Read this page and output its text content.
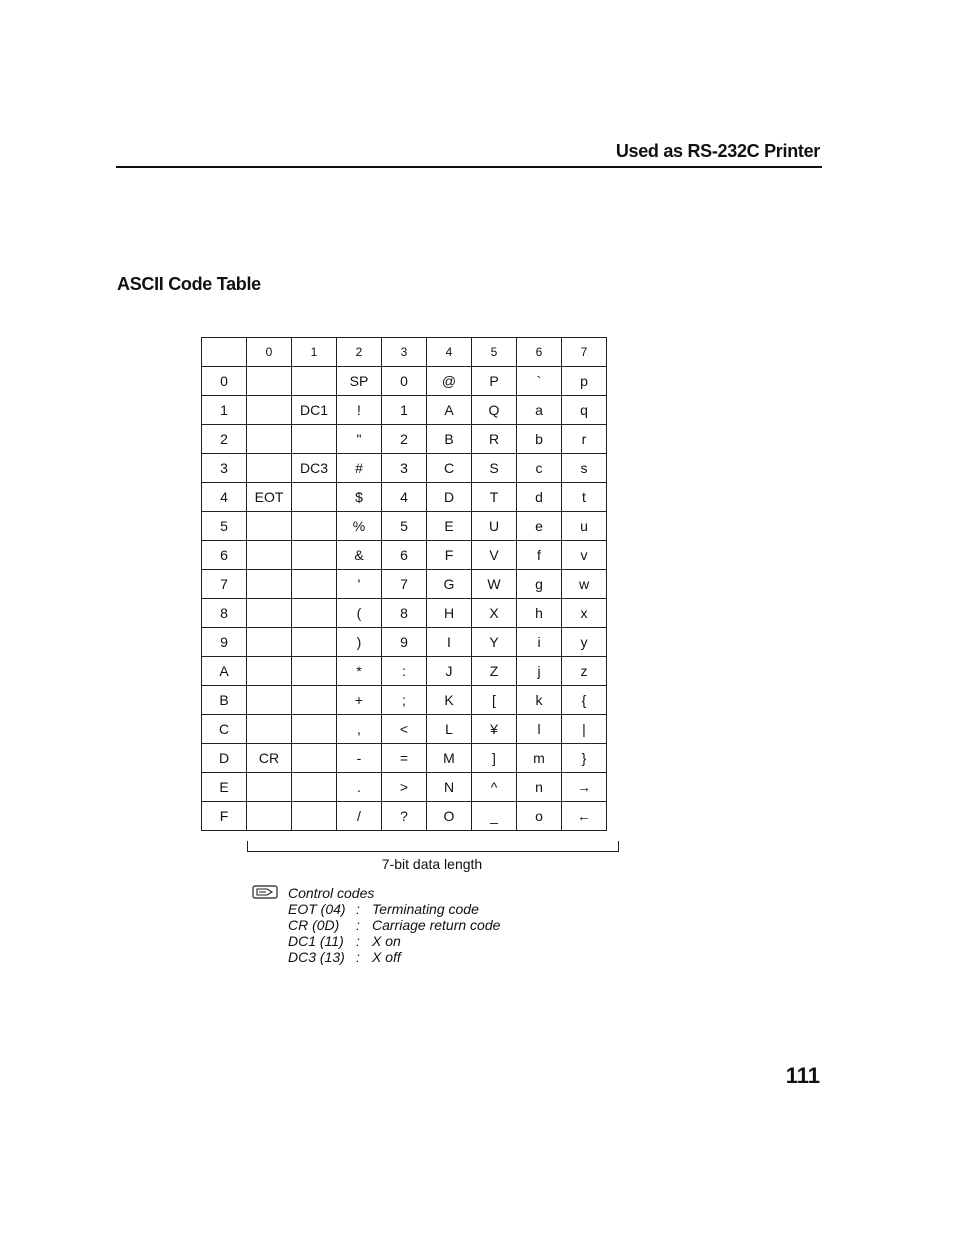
Used as RS-232C Printer
ASCII Code Table
	0	1	2	3	4	5	6	7
0			SP	0	@	P	`	p
1		DC1	!	1	A	Q	a	q
2			"	2	B	R	b	r
3		DC3	#	3	C	S	c	s
4	EOT		$	4	D	T	d	t
5			%	5	E	U	e	u
6			&	6	F	V	f	v
7			'	7	G	W	g	w
8			(	8	H	X	h	x
9			)	9	I	Y	i	y
A			*	:	J	Z	j	z
B			+	;	K	[	k	{
C			,	<	L	¥	l	|
D	CR		-	=	M	]	m	}
E			.	>	N	^	n	→
F			/	?	O	_	o	←
7-bit data length
Control codes
EOT (04) : Terminating code
CR (0D) : Carriage return code
DC1 (11) : X on
DC3 (13) : X off
111
